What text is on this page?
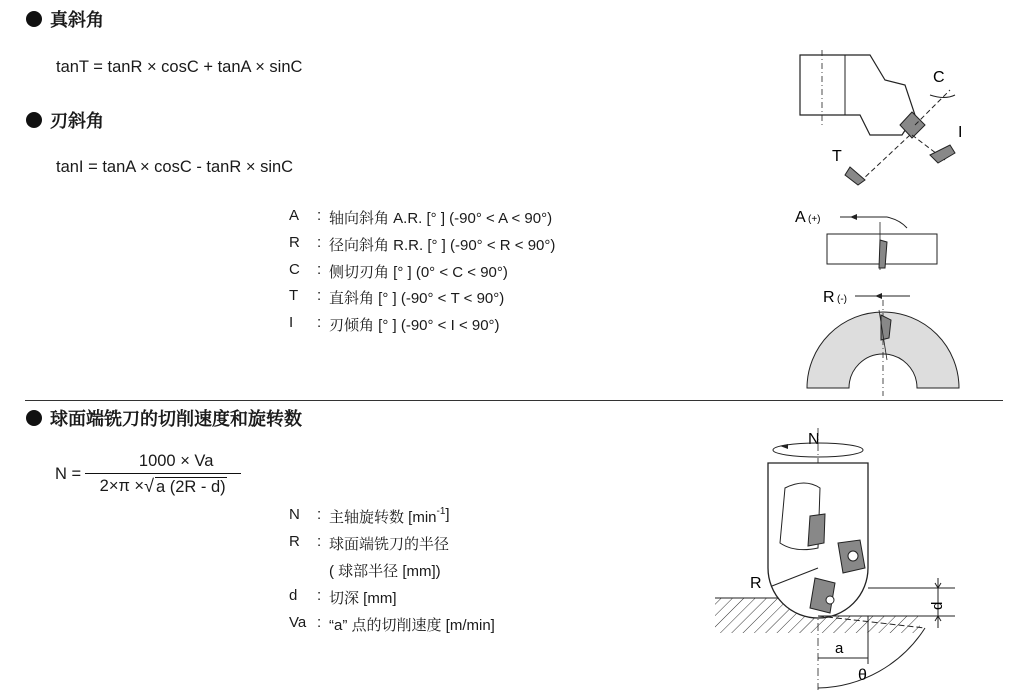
真斜角
tanT = tanR × cosC + tanA × sinC
刃斜角
tanI = tanA × cosC - tanR × sinC
A	: 轴向斜角 A.R. [° ] (-90° < A < 90°)
R	: 径向斜角 R.R. [° ] (-90° < R < 90°)
C	: 侧切刃角 [° ] (0° < C < 90°)
T	: 直斜角 [° ] (-90° < T < 90°)
I	: 刃倾角 [° ] (-90° < I < 90°)
C
I
T
A (+)
R (-)
球面端铣刀的切削速度和旋转数
$N = \frac{1000 \times Va}{2\times\pi \times √ a (2R - d)}$
N	: 主轴旋转数 [min -1 ]
R	: 球面端铣刀的半径
( 球部半径 [mm])
d	: 切深 [mm]
Va : “a” 点的切削速度 [m/min]
N
R
d
a
θ
